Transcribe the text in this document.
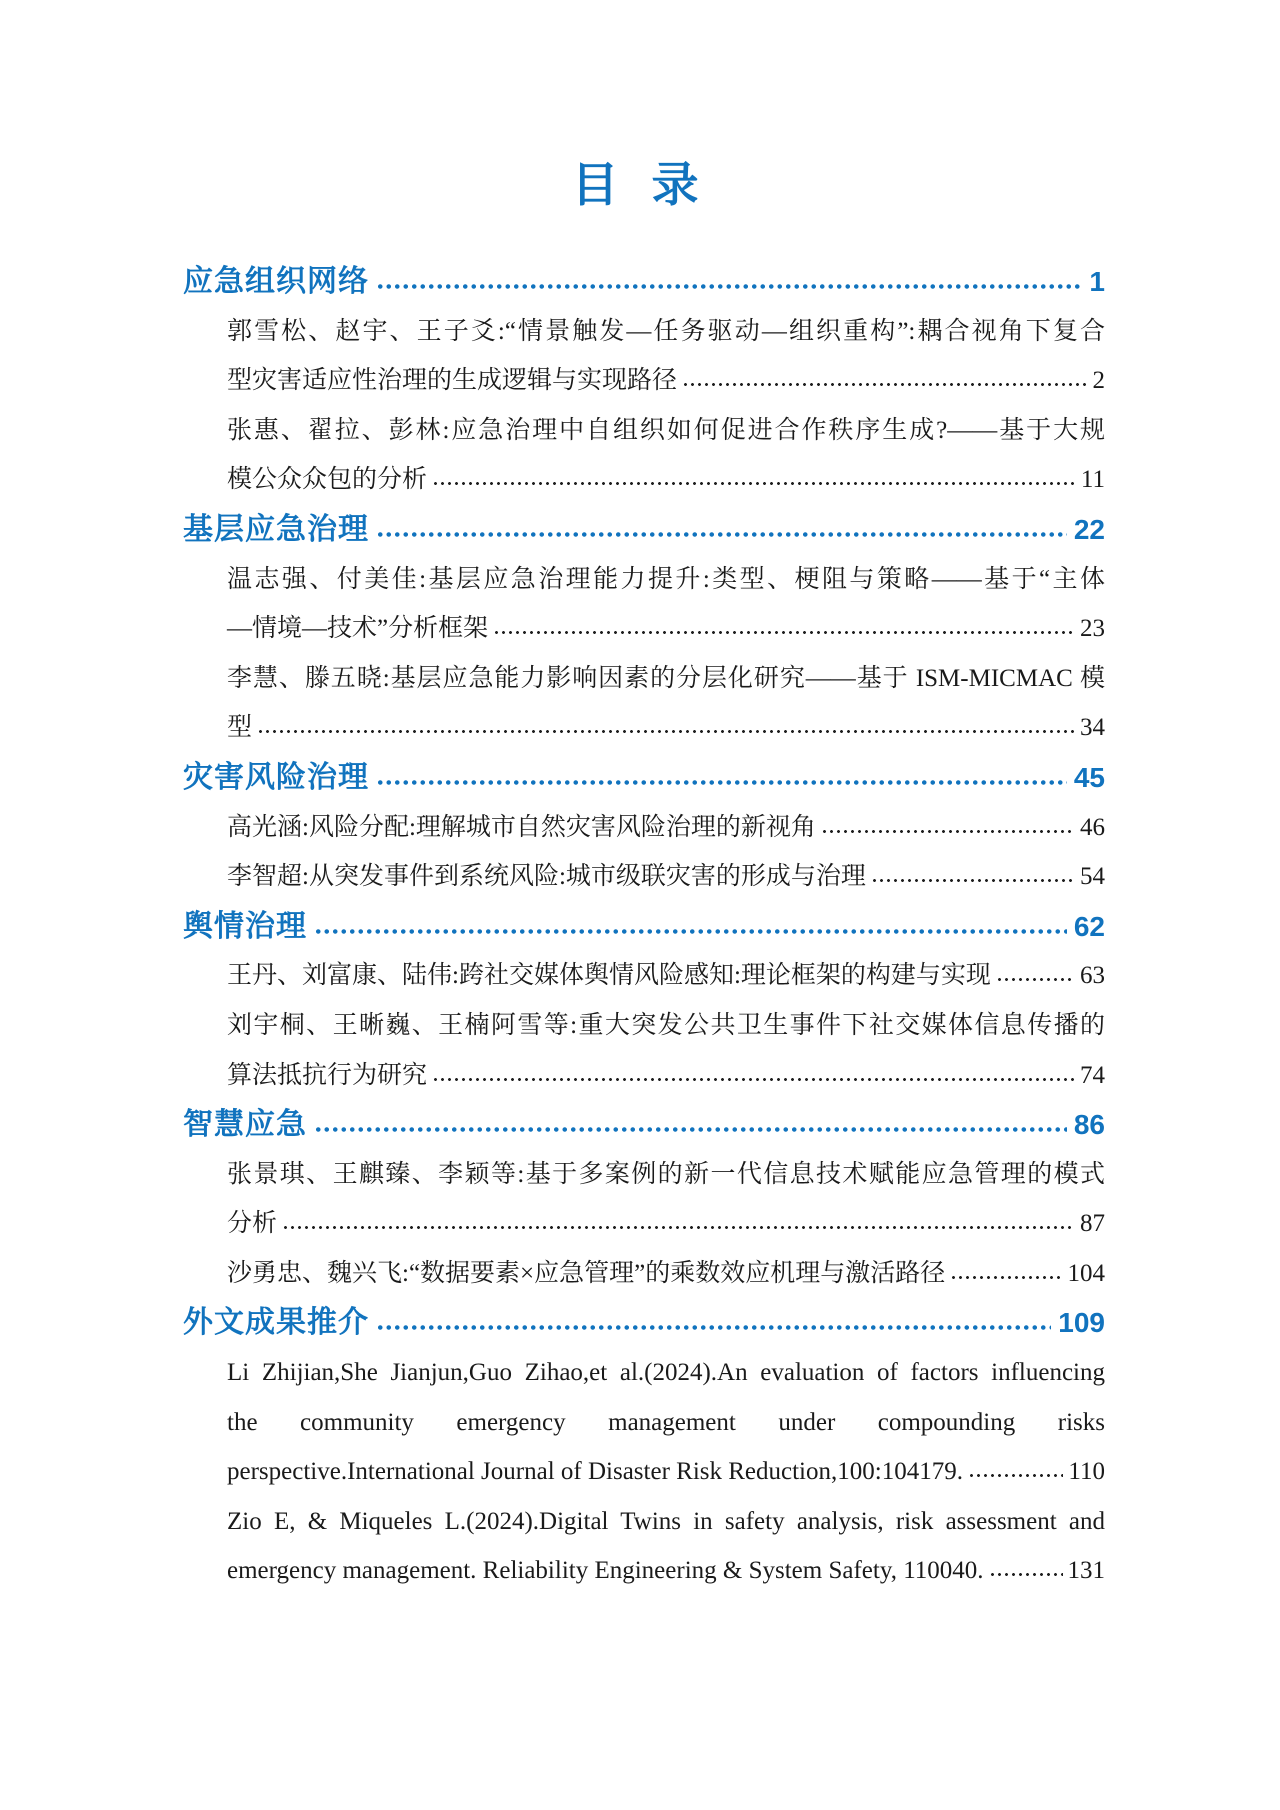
目 录
应急组织网络	1
郭雪松、赵宇、王子爻:“情景触发—任务驱动—组织重构”:耦合视角下复合
型灾害适应性治理的生成逻辑与实现路径	2
张惠、翟拉、彭林:应急治理中自组织如何促进合作秩序生成?——基于大规
模公众众包的分析	11
基层应急治理	22
温志强、付美佳:基层应急治理能力提升:类型、梗阻与策略——基于“主体
—情境—技术”分析框架	23
李慧、滕五晓:基层应急能力影响因素的分层化研究——基于 ISM-MICMAC 模
型	34
灾害风险治理	45
高光涵:风险分配:理解城市自然灾害风险治理的新视角	46
李智超:从突发事件到系统风险:城市级联灾害的形成与治理	54
舆情治理	62
王丹、刘富康、陆伟:跨社交媒体舆情风险感知:理论框架的构建与实现	63
刘宇桐、王晰巍、王楠阿雪等:重大突发公共卫生事件下社交媒体信息传播的
算法抵抗行为研究	74
智慧应急	86
张景琪、王麒臻、李颖等:基于多案例的新一代信息技术赋能应急管理的模式
分析	87
沙勇忠、魏兴飞:“数据要素×应急管理”的乘数效应机理与激活路径	104
外文成果推介	109
Li Zhijian,She Jianjun,Guo Zihao,et al.(2024).An evaluation of factors influencing
the community emergency management under compounding risks
perspective.International Journal of Disaster Risk Reduction,100:104179.	110
Zio E, & Miqueles L.(2024).Digital Twins in safety analysis, risk assessment and
emergency management. Reliability Engineering & System Safety, 110040.	131
